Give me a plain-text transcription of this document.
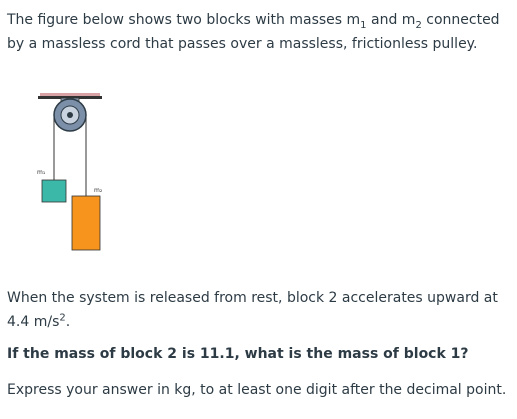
The figure below shows two blocks with masses $m_1$ and $m_2$ connected by a massless cord that passes over a massless, frictionless pulley.

m₁
m₂

When the system is released from rest, block 2 accelerates upward at 4.4 $m/s^2$.

If the mass of block 2 is 11.1, what is the mass of block 1?

Express your answer in kg, to at least one digit after the decimal point.
